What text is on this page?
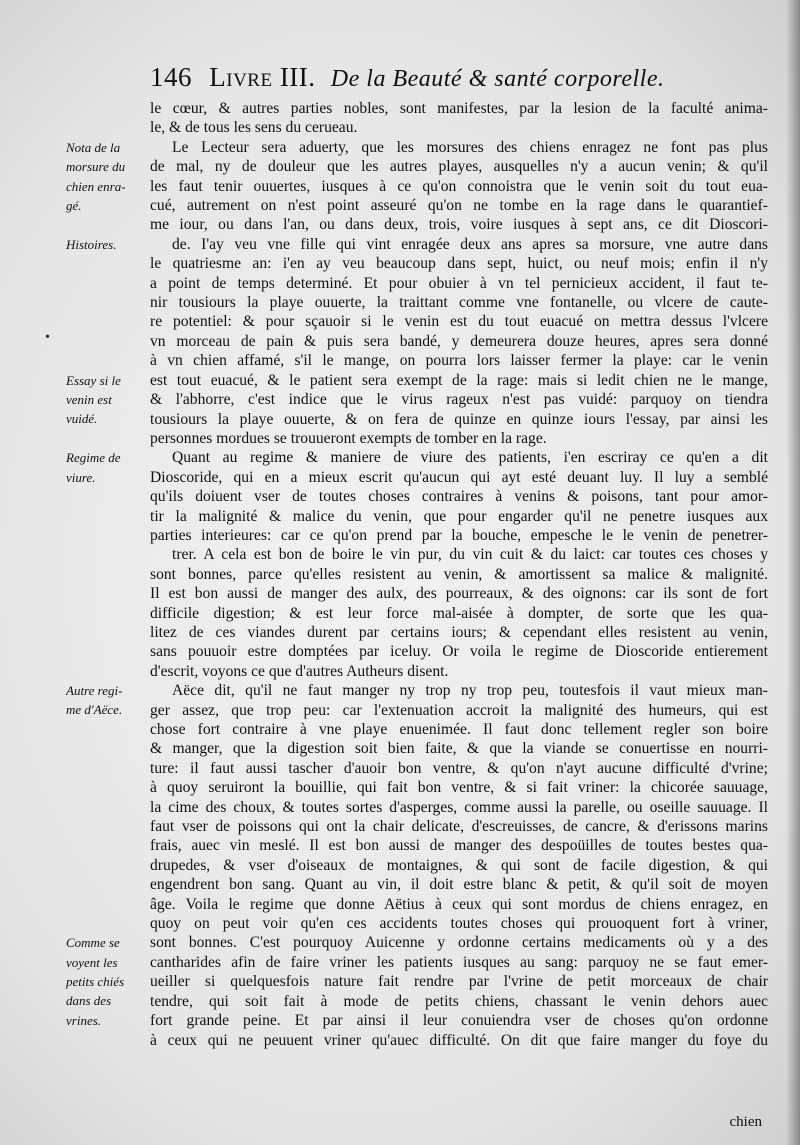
146 Livre III. De la Beauté & santé corporelle.
le cœur, & autres parties nobles, sont manifestes, par la lesion de la faculté anima-
le, & de tous les sens du cerueau.
Le Lecteur sera aduerty, que les morsures des chiens enragez ne font pas plus
de mal, ny de douleur que les autres playes, ausquelles n'y a aucun venin; & qu'il
les faut tenir ouuertes, iusques à ce qu'on connoistra que le venin soit du tout eua-
cué, autrement on n'est point asseuré qu'on ne tombe en la rage dans le quarantief-
me iour, ou dans l'an, ou dans deux, trois, voire iusques à sept ans, ce dit Dioscori-
de. I'ay veu vne fille qui vint enragée deux ans apres sa morsure, vne autre dans
le quatriesme an: i'en ay veu beaucoup dans sept, huict, ou neuf mois; enfin il n'y
a point de temps determiné. Et pour obuier à vn tel pernicieux accident, il faut te-
nir tousiours la playe ouuerte, la traittant comme vne fontanelle, ou vlcere de caute-
re potentiel: & pour sçauoir si le venin est du tout euacué on mettra dessus l'vlcere
vn morceau de pain & puis sera bandé, y demeurera douze heures, apres sera donné
à vn chien affamé, s'il le mange, on pourra lors laisser fermer la playe: car le venin
est tout euacué, & le patient sera exempt de la rage: mais si ledit chien ne le mange,
& l'abhorre, c'est indice que le virus rageux n'est pas vuidé: parquoy on tiendra
tousiours la playe ouuerte, & on fera de quinze en quinze iours l'essay, par ainsi les
personnes mordues se trouueront exempts de tomber en la rage.
Quant au regime & maniere de viure des patients, i'en escriray ce qu'en a dit
Dioscoride, qui en a mieux escrit qu'aucun qui ayt esté deuant luy. Il luy a semblé
qu'ils doiuent vser de toutes choses contraires à venins & poisons, tant pour amor-
tir la malignité & malice du venin, que pour engarder qu'il ne penetre iusques aux
parties interieures: car ce qu'on prend par la bouche, empesche le le venin de penetrer-
trer. A cela est bon de boire le vin pur, du vin cuit & du laict: car toutes ces choses y
sont bonnes, parce qu'elles resistent au venin, & amortissent sa malice & malignité.
Il est bon aussi de manger des aulx, des pourreaux, & des oignons: car ils sont de fort
difficile digestion; & est leur force mal-aisée à dompter, de sorte que les qua-
litez de ces viandes durent par certains iours; & cependant elles resistent au venin,
sans pouuoir estre domptées par iceluy. Or voila le regime de Dioscoride entierement
d'escrit, voyons ce que d'autres Autheurs disent.
Aëce dit, qu'il ne faut manger ny trop ny trop peu, toutesfois il vaut mieux man-
ger assez, que trop peu: car l'extenuation accroit la malignité des humeurs, qui est
chose fort contraire à vne playe enuenimée. Il faut donc tellement regler son boire
& manger, que la digestion soit bien faite, & que la viande se conuertisse en nourri-
ture: il faut aussi tascher d'auoir bon ventre, & qu'on n'ayt aucune difficulté d'vrine;
à quoy seruiront la bouillie, qui fait bon ventre, & si fait vriner: la chicorée sauuage,
la cime des choux, & toutes sortes d'asperges, comme aussi la parelle, ou oseille sauuage. Il
faut vser de poissons qui ont la chair delicate, d'escreuisses, de cancre, & d'erissons marins
frais, auec vin meslé. Il est bon aussi de manger des despoüilles de toutes bestes qua-
drupedes, & vser d'oiseaux de montaignes, & qui sont de facile digestion, & qui
engendrent bon sang. Quant au vin, il doit estre blanc & petit, & qu'il soit de moyen
âge. Voila le regime que donne Aëtius à ceux qui sont mordus de chiens enragez, en
quoy on peut voir qu'en ces accidents toutes choses qui prouoquent fort à vriner,
sont bonnes. C'est pourquoy Auicenne y ordonne certains medicaments où y a des
cantharides afin de faire vriner les patients iusques au sang: parquoy ne se faut emer-
ueiller si quelquesfois nature fait rendre par l'vrine de petit morceaux de chair
tendre, qui soit fait à mode de petits chiens, chassant le venin dehors auec
fort grande peine. Et par ainsi il leur conuiendra vser de choses qu'on ordonne
à ceux qui ne peuuent vriner qu'auec difficulté. On dit que faire manger du foye du
Nota de la
morsure du
chien enra-
gé.
Histoires.
Essay si le
venin est
vuidé.
Regime de
viure.
Autre regi-
me d'Aëce.
Comme se
voyent les
petits chiés
dans des
vrines.
chien
•
